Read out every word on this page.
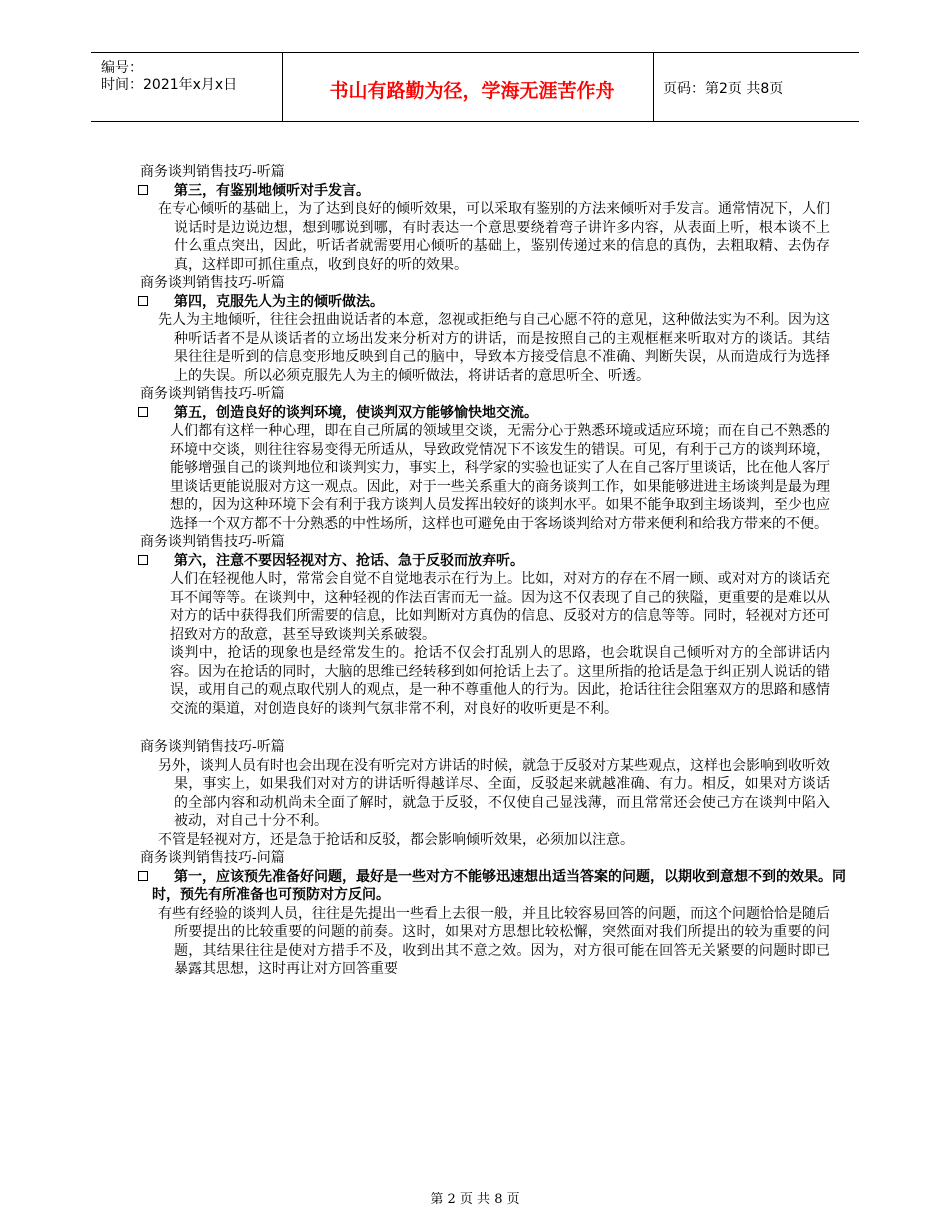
编号：
时间：2021年x月x日	书山有路勤为径，学海无涯苦作舟	页码：第2页 共8页

商务谈判销售技巧-听篇

第三，有鉴别地倾听对手发言。

在专心倾听的基础上，为了达到良好的倾听效果，可以采取有鉴别的方法来倾听对手发言。通常情况下，人们说话时是边说边想，想到哪说到哪，有时表达一个意思要绕着弯子讲许多内容，从表面上听，根本谈不上什么重点突出，因此，听话者就需要用心倾听的基础上，鉴别传递过来的信息的真伪，去粗取精、去伪存真，这样即可抓住重点，收到良好的听的效果。

商务谈判销售技巧-听篇

第四，克服先人为主的倾听做法。

先人为主地倾听，往往会扭曲说话者的本意，忽视或拒绝与自己心愿不符的意见，这种做法实为不利。因为这种听话者不是从谈话者的立场出发来分析对方的讲话，而是按照自己的主观框框来听取对方的谈话。其结果往往是听到的信息变形地反映到自己的脑中，导致本方接受信息不准确、判断失误，从而造成行为选择上的失误。所以必须克服先人为主的倾听做法，将讲话者的意思听全、听透。

商务谈判销售技巧-听篇

第五，创造良好的谈判环境，使谈判双方能够愉快地交流。

人们都有这样一种心理，即在自己所属的领域里交谈，无需分心于熟悉环境或适应环境；而在自己不熟悉的环境中交谈，则往往容易变得无所适从，导致政党情况下不该发生的错误。可见，有利于己方的谈判环境，能够增强自己的谈判地位和谈判实力，事实上，科学家的实验也证实了人在自己客厅里谈话，比在他人客厅里谈话更能说服对方这一观点。因此，对于一些关系重大的商务谈判工作，如果能够进进主场谈判是最为理想的，因为这种环境下会有利于我方谈判人员发挥出较好的谈判水平。如果不能争取到主场谈判，至少也应选择一个双方都不十分熟悉的中性场所，这样也可避免由于客场谈判给对方带来便利和给我方带来的不便。

商务谈判销售技巧-听篇

第六，注意不要因轻视对方、抢话、急于反驳而放弃听。

人们在轻视他人时，常常会自觉不自觉地表示在行为上。比如，对对方的存在不屑一顾、或对对方的谈话充耳不闻等等。在谈判中，这种轻视的作法百害而无一益。因为这不仅表现了自己的狭隘，更重要的是难以从对方的话中获得我们所需要的信息，比如判断对方真伪的信息、反驳对方的信息等等。同时，轻视对方还可招致对方的敌意，甚至导致谈判关系破裂。

谈判中，抢话的现象也是经常发生的。抢话不仅会打乱别人的思路，也会耽误自己倾听对方的全部讲话内容。因为在抢话的同时，大脑的思维已经转移到如何抢话上去了。这里所指的抢话是急于纠正别人说话的错误，或用自己的观点取代别人的观点，是一种不尊重他人的行为。因此，抢话往往会阻塞双方的思路和感情交流的渠道，对创造良好的谈判气氛非常不利，对良好的收听更是不利。

商务谈判销售技巧-听篇

另外，谈判人员有时也会出现在没有听完对方讲话的时候，就急于反驳对方某些观点，这样也会影响到收听效果，事实上，如果我们对对方的讲话听得越详尽、全面，反驳起来就越准确、有力。相反，如果对方谈话的全部内容和动机尚未全面了解时，就急于反驳，不仅使自己显浅薄，而且常常还会使己方在谈判中陷入被动，对自己十分不利。

不管是轻视对方，还是急于抢话和反驳，都会影响倾听效果，必须加以注意。

商务谈判销售技巧-问篇

第一，应该预先准备好问题，最好是一些对方不能够迅速想出适当答案的问题，以期收到意想不到的效果。同时，预先有所准备也可预防对方反问。

有些有经验的谈判人员，往往是先提出一些看上去很一般，并且比较容易回答的问题，而这个问题恰恰是随后所要提出的比较重要的问题的前奏。这时，如果对方思想比较松懈，突然面对我们所提出的较为重要的问题，其结果往往是使对方措手不及，收到出其不意之效。因为，对方很可能在回答无关紧要的问题时即已暴露其思想，这时再让对方回答重要

第 2 页 共 8 页
